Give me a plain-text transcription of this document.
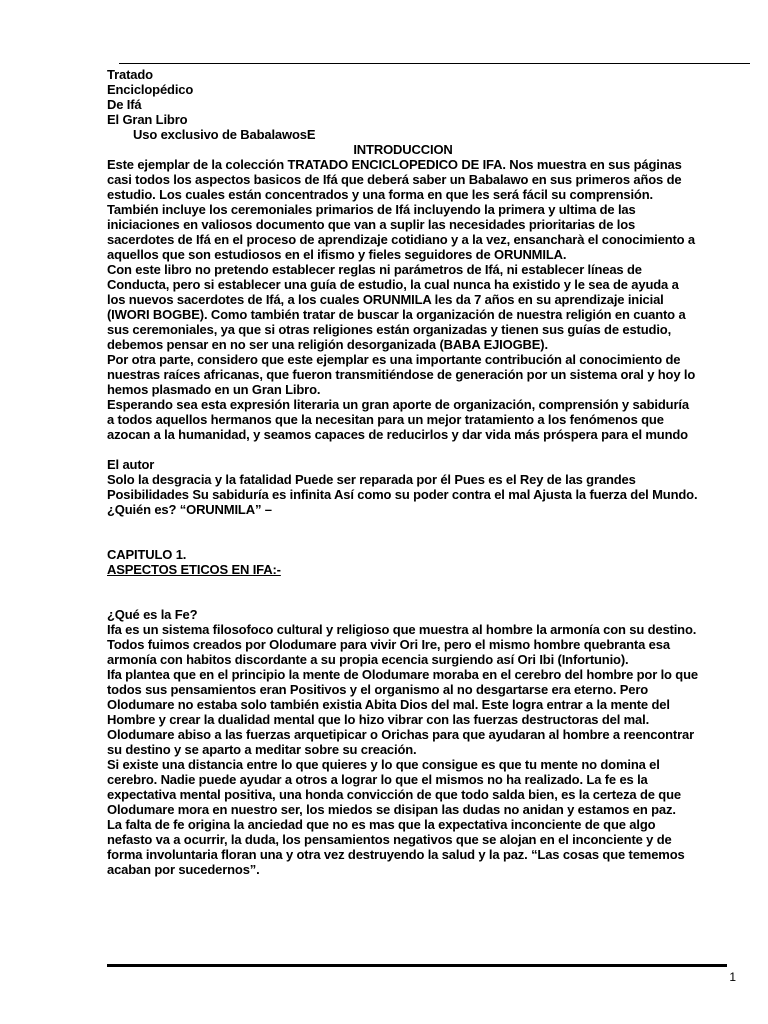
Tratado

Enciclopédico

De Ifá

El Gran Libro

Uso exclusivo de BabalawosE

INTRODUCCION

Este ejemplar de la colección TRATADO ENCICLOPEDICO DE IFA. Nos muestra en sus páginas casi todos los aspectos basicos de Ifá que deberá saber un Babalawo en sus primeros años de estudio. Los cuales están concentrados y una forma en que les será fácil su comprensión.

También incluye los ceremoniales primarios de Ifá incluyendo la primera y ultima de las iniciaciones en valiosos documento que van a suplir las necesidades prioritarias de los sacerdotes de Ifá en el proceso de aprendizaje cotidiano y a la vez, ensancharà el conocimiento a aquellos que son estudiosos en el ifismo y fieles seguidores de ORUNMILA.

Con este libro no pretendo establecer reglas ni parámetros de Ifá, ni establecer líneas de Conducta, pero si establecer una guía de estudio, la cual nunca ha existido y le sea de ayuda a los nuevos sacerdotes de Ifá, a los cuales ORUNMILA les da 7 años en su aprendizaje inicial (IWORI BOGBE). Como también tratar de buscar la organización de nuestra religión en cuanto a sus ceremoniales, ya que si otras religiones están organizadas y tienen sus guías de estudio, debemos pensar en no ser una religión desorganizada (BABA EJIOGBE).

Por otra parte, considero que este ejemplar es una importante contribución al conocimiento de nuestras raíces africanas, que fueron transmitiéndose de generación por un sistema oral y hoy lo hemos plasmado en un Gran Libro.

Esperando sea esta expresión literaria un gran aporte de organización, comprensión y sabiduría a todos aquellos hermanos que la necesitan para un mejor tratamiento a los fenómenos que azocan a la humanidad, y seamos capaces de reducirlos y dar vida más próspera para el mundo

El autor

Solo la desgracia y la fatalidad Puede ser reparada por él Pues es el Rey de las grandes Posibilidades Su sabiduría es infinita Así como su poder contra el mal Ajusta la fuerza del Mundo.

¿Quién es? “ORUNMILA” –

CAPITULO 1.

ASPECTOS ETICOS EN IFA:-

¿Qué es la Fe?

Ifa es un sistema filosofoco cultural y religioso que muestra al hombre la armonía con su destino. Todos fuimos creados por Olodumare para vivir Ori Ire, pero el mismo hombre quebranta esa armonía con habitos discordante a su propia ecencia surgiendo así Ori Ibi (Infortunio).

Ifa plantea que en el principio la mente de Olodumare moraba en el cerebro del hombre por lo que todos sus pensamientos eran Positivos y el organismo al no desgartarse era eterno. Pero Olodumare no estaba solo también existia Abita Dios del mal. Este logra entrar a la mente del Hombre y crear la dualidad mental que lo hizo vibrar con las fuerzas destructoras del mal. Olodumare abiso a las fuerzas arquetipicar o Orichas para que ayudaran al hombre a reencontrar su destino y se aparto a meditar sobre su creación.

Si existe una distancia entre lo que quieres y lo que consigue es que tu mente no domina el cerebro. Nadie puede ayudar a otros a lograr lo que el mismos no ha realizado. La fe es la expectativa mental positiva, una honda convicción de que todo salda bien, es la certeza de que Olodumare mora en nuestro ser, los miedos se disipan las dudas no anidan y estamos en paz.

La falta de fe origina la anciedad que no es mas que la expectativa inconciente de que algo nefasto va a ocurrir, la duda, los pensamientos negativos que se alojan en el inconciente y de forma involuntaria floran una y otra vez destruyendo la salud y la paz. “Las cosas que tememos acaban por sucedernos”.

1
